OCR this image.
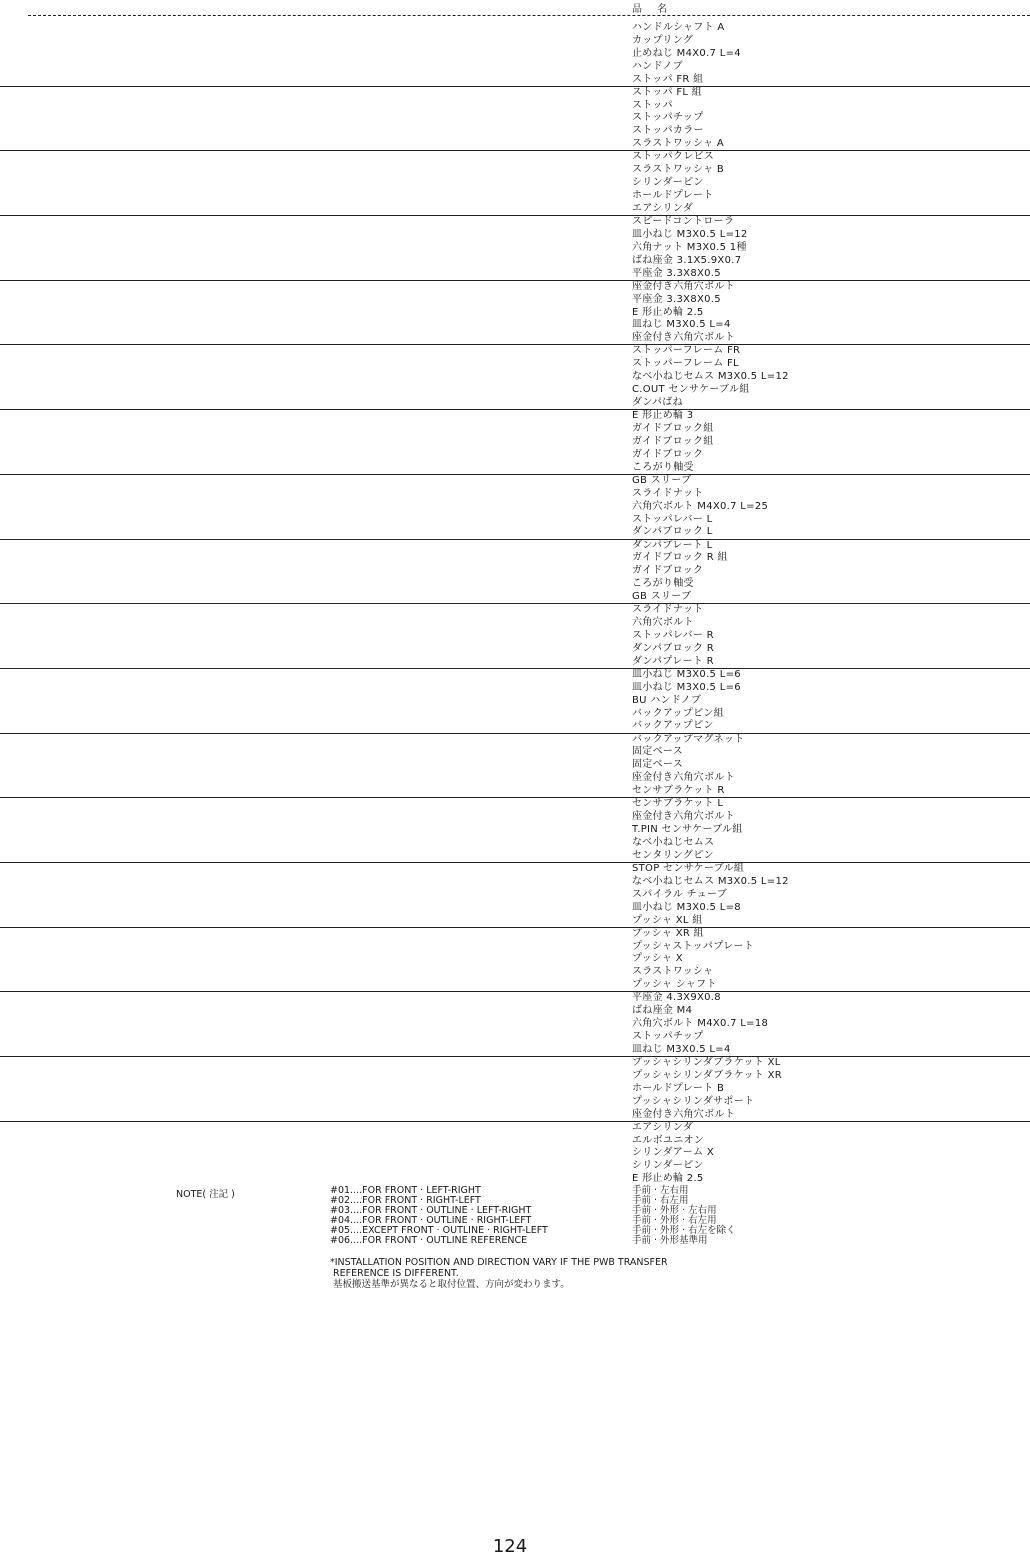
品 名
ハンドルシャフト A
カップリング
止めねじ M4X0.7 L=4
ハンドノブ
ストッパ FR 組
ストッパ FL 組
ストッパ
ストッパチップ
ストッパカラー
スラストワッシャ A
ストッパクレビス
スラストワッシャ B
シリンダーピン
ホールドプレート
エアシリンダ
スピードコントローラ
皿小ねじ M3X0.5 L=12
六角ナット M3X0.5 1種
ばね座金 3.1X5.9X0.7
平座金 3.3X8X0.5
座金付き六角穴ボルト
平座金 3.3X8X0.5
E 形止め輪 2.5
皿ねじ M3X0.5 L=4
座金付き六角穴ボルト
ストッパーフレーム FR
ストッパーフレーム FL
なべ小ねじセムス M3X0.5 L=12
C.OUT センサケーブル組
ダンパばね
E 形止め輪 3
ガイドブロック組
ガイドブロック組
ガイドブロック
ころがり軸受
GB スリーブ
スライドナット
六角穴ボルト M4X0.7 L=25
ストッパレバー L
ダンパブロック L
ダンパプレート L
ガイドブロック R 組
ガイドブロック
ころがり軸受
GB スリーブ
スライドナット
六角穴ボルト
ストッパレバー R
ダンパブロック R
ダンパプレート R
皿小ねじ M3X0.5 L=6
皿小ねじ M3X0.5 L=6
BU ハンドノブ
バックアップピン組
バックアップピン
バックアップマグネット
固定ベース
固定ベース
座金付き六角穴ボルト
センサブラケット R
センサブラケット L
座金付き六角穴ボルト
T.PIN センサケーブル組
なべ小ねじセムス
センタリングピン
STOP センサケーブル組
なべ小ねじセムス M3X0.5 L=12
スパイラル チューブ
皿小ねじ M3X0.5 L=8
プッシャ XL 組
プッシャ XR 組
プッシャストッパプレート
プッシャ X
スラストワッシャ
プッシャ シャフト
平座金 4.3X9X0.8
ばね座金 M4
六角穴ボルト M4X0.7 L=18
ストッパチップ
皿ねじ M3X0.5 L=4
プッシャシリンダブラケット XL
プッシャシリンダブラケット XR
ホールドプレート B
プッシャシリンダサポート
座金付き六角穴ボルト
エアシリンダ
エルボユニオン
シリンダアーム X
シリンダーピン
E 形止め輪 2.5
NOTE( 注記 )	#01....FOR FRONT · LEFT-RIGHT	手前 · 左右用
#02....FOR FRONT · RIGHT-LEFT	手前 · 右左用
#03....FOR FRONT · OUTLINE · LEFT-RIGHT	手前 · 外形 · 左右用
#04....FOR FRONT · OUTLINE · RIGHT-LEFT	手前 · 外形 · 右左用
#05....EXCEPT FRONT · OUTLINE · RIGHT-LEFT	手前 · 外形 · 右左を除く
#06....FOR FRONT · OUTLINE REFERENCE	手前 · 外形基準用
*INSTALLATION POSITION AND DIRECTION VARY IF THE PWB TRANSFER
REFERENCE IS DIFFERENT.
基板搬送基準が異なると取付位置、方向が変わります。
124
